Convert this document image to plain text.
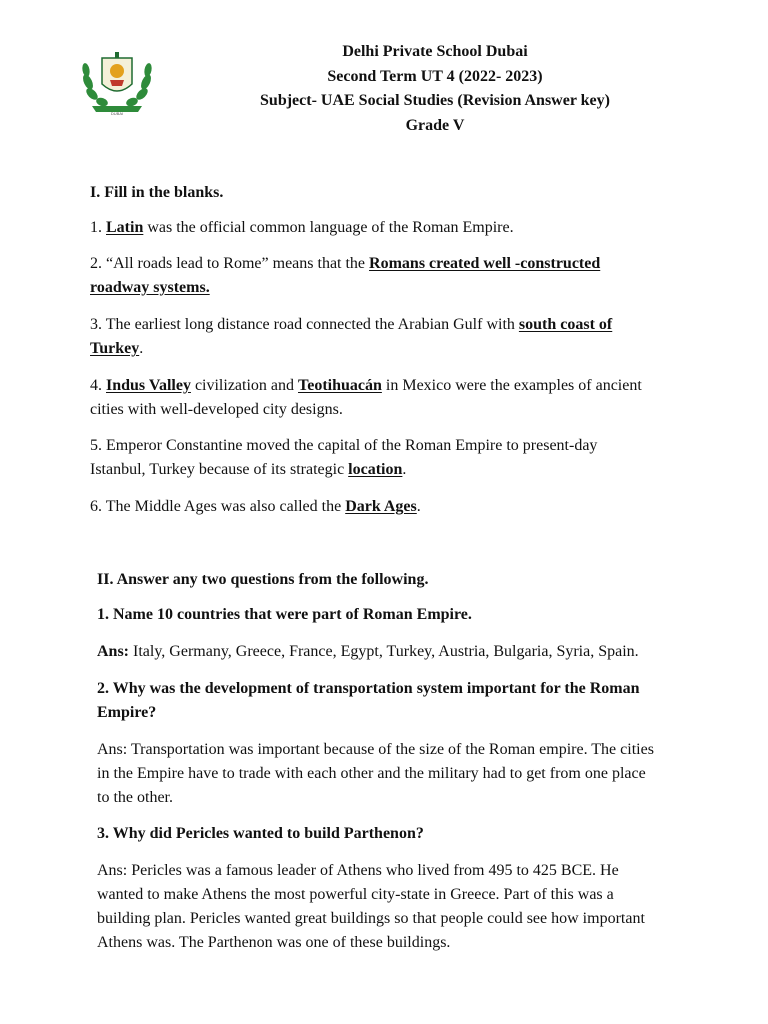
DUBAI
Delhi Private School Dubai
Second Term UT 4 (2022- 2023)
Subject- UAE Social Studies (Revision Answer key)
Grade V
I. Fill in the blanks.
1. Latin was the official common language of the Roman Empire.
2. “All roads lead to Rome” means that the Romans created well -constructed
roadway systems.
3. The earliest long distance road connected the Arabian Gulf with south coast of
Turkey.
4. Indus Valley civilization and Teotihuacán in Mexico were the examples of ancient
cities with well-developed city designs.
5. Emperor Constantine moved the capital of the Roman Empire to present-day
Istanbul, Turkey because of its strategic location.
6. The Middle Ages was also called the Dark Ages.
II. Answer any two questions from the following.
1. Name 10 countries that were part of Roman Empire.
Ans: Italy, Germany, Greece, France, Egypt, Turkey, Austria, Bulgaria, Syria, Spain.
2. Why was the development of transportation system important for the Roman
Empire?
Ans: Transportation was important because of the size of the Roman empire. The cities
in the Empire have to trade with each other and the military had to get from one place
to the other.
3. Why did Pericles wanted to build Parthenon?
Ans: Pericles was a famous leader of Athens who lived from 495 to 425 BCE. He
wanted to make Athens the most powerful city-state in Greece. Part of this was a
building plan. Pericles wanted great buildings so that people could see how important
Athens was. The Parthenon was one of these buildings.
